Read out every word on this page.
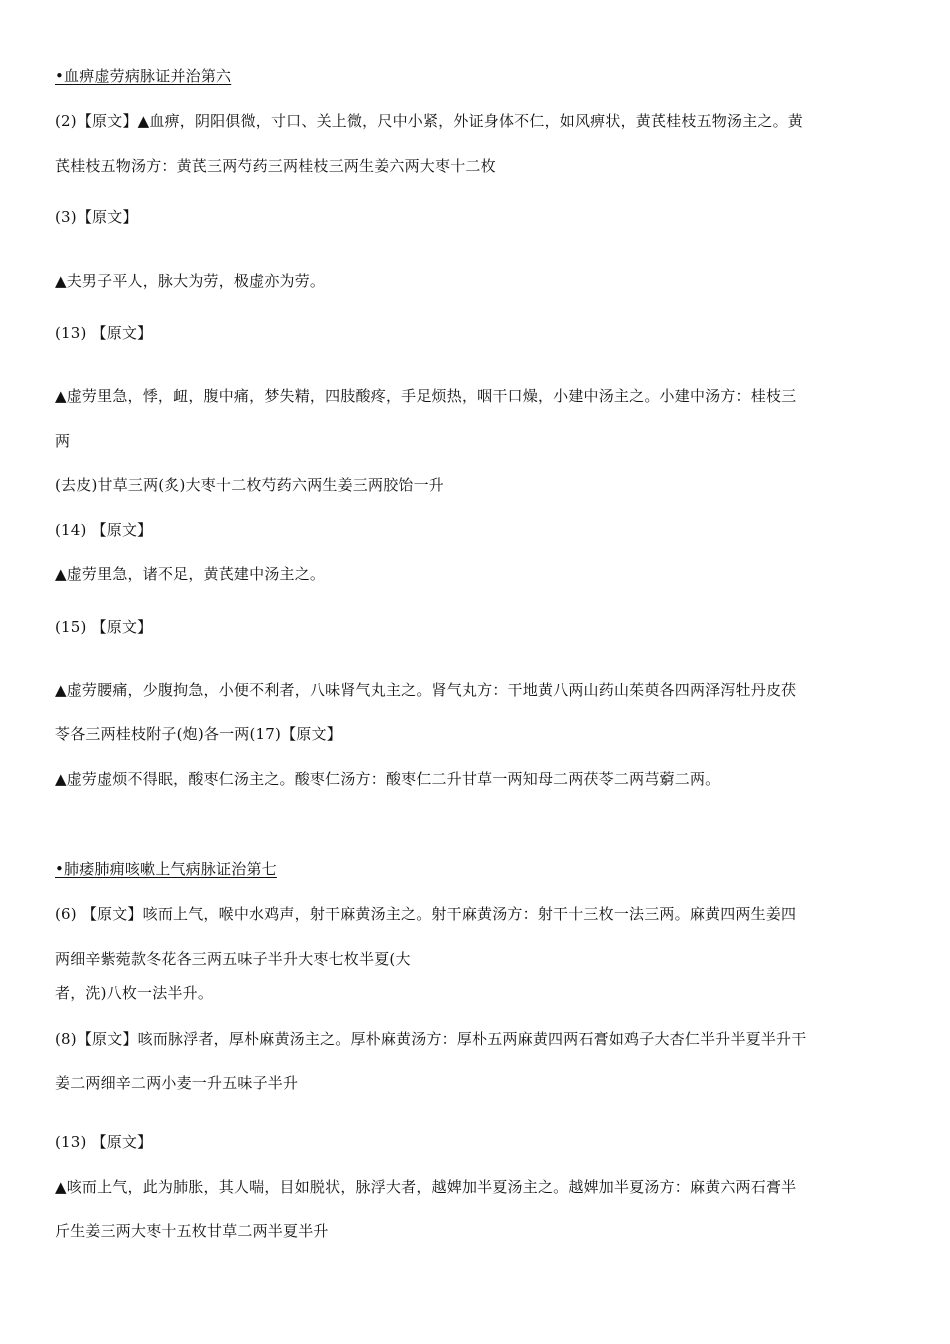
•血痹虚劳病脉证并治第六
(2)【原文】▲血痹，阴阳俱微，寸口、关上微，尺中小紧，外证身体不仁，如风痹状，黄芪桂枝五物汤主之。黄
芪桂枝五物汤方：黄芪三两芍药三两桂枝三两生姜六两大枣十二枚
(3)【原文】
▲夫男子平人，脉大为劳，极虚亦为劳。
(13) 【原文】
▲虚劳里急，悸，衄，腹中痛，梦失精，四肢酸疼，手足烦热，咽干口燥，小建中汤主之。小建中汤方：桂枝三
两
(去皮)甘草三两(炙)大枣十二枚芍药六两生姜三两胶饴一升
(14) 【原文】
▲虚劳里急，诸不足，黄芪建中汤主之。
(15) 【原文】
▲虚劳腰痛，少腹拘急，小便不利者，八味肾气丸主之。肾气丸方：干地黄八两山药山茱萸各四两泽泻牡丹皮茯
苓各三两桂枝附子(炮)各一两(17)【原文】
▲虚劳虚烦不得眠，酸枣仁汤主之。酸枣仁汤方：酸枣仁二升甘草一两知母二两茯苓二两芎藭二两。
•肺痿肺痈咳嗽上气病脉证治第七
(6) 【原文】咳而上气，喉中水鸡声，射干麻黄汤主之。射干麻黄汤方：射干十三枚一法三两。麻黄四两生姜四
两细辛紫菀款冬花各三两五味子半升大枣七枚半夏(大
者，洗)八枚一法半升。
(8)【原文】咳而脉浮者，厚朴麻黄汤主之。厚朴麻黄汤方：厚朴五两麻黄四两石膏如鸡子大杏仁半升半夏半升干
姜二两细辛二两小麦一升五味子半升
(13) 【原文】
▲咳而上气，此为肺胀，其人喘，目如脱状，脉浮大者，越婢加半夏汤主之。越婢加半夏汤方：麻黄六两石膏半
斤生姜三两大枣十五枚甘草二两半夏半升
